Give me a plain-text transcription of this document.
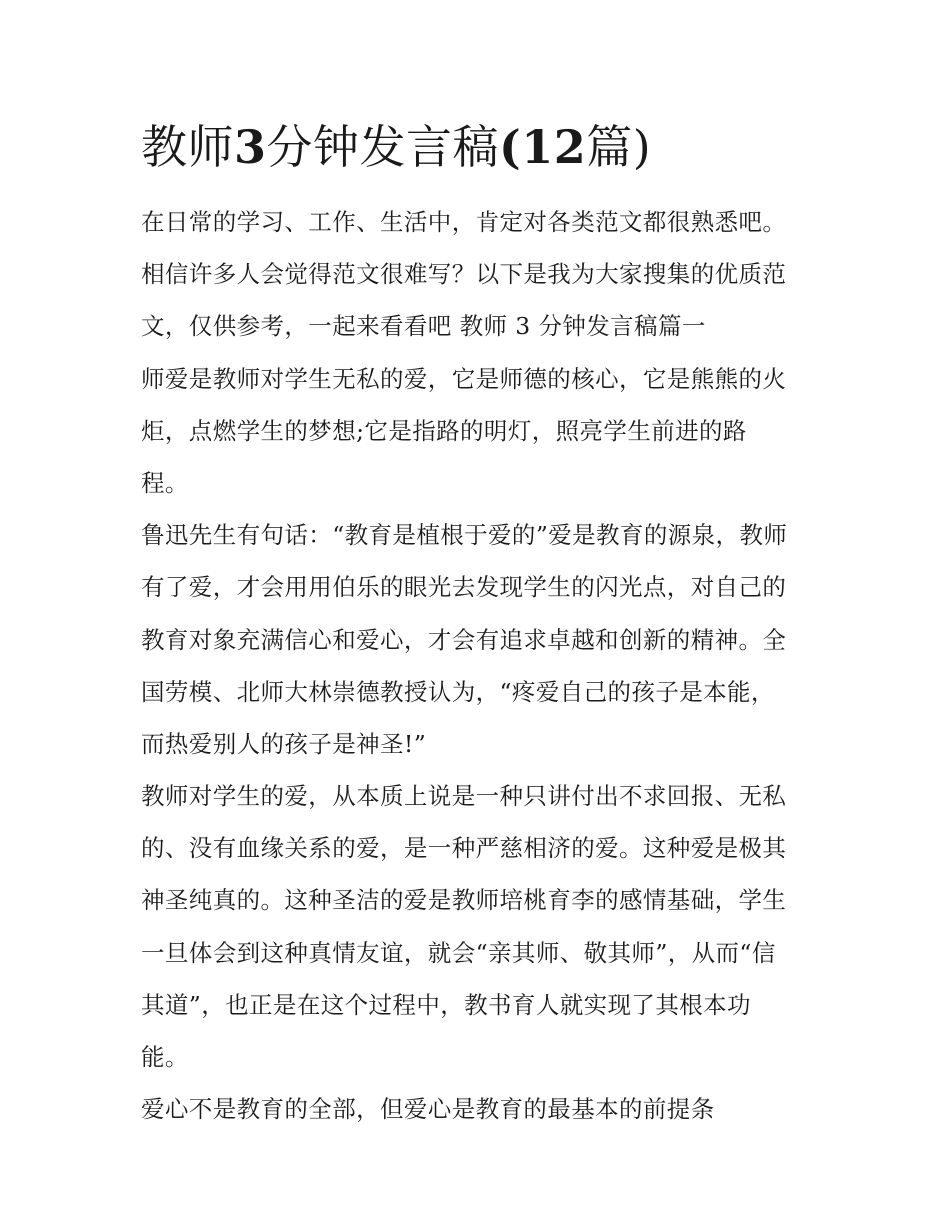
教师3分钟发言稿(12篇)

在日常的学习、工作、生活中，肯定对各类范文都很熟悉吧。

相信许多人会觉得范文很难写？以下是我为大家搜集的优质范

文，仅供参考，一起来看看吧 教师 3 分钟发言稿篇一

师爱是教师对学生无私的爱，它是师德的核心，它是熊熊的火

炬，点燃学生的梦想;它是指路的明灯，照亮学生前进的路

程。

鲁迅先生有句话：“教育是植根于爱的”爱是教育的源泉，教师

有了爱，才会用用伯乐的眼光去发现学生的闪光点，对自己的

教育对象充满信心和爱心，才会有追求卓越和创新的精神。全

国劳模、北师大林崇德教授认为，“疼爱自己的孩子是本能，

而热爱别人的孩子是神圣!”

教师对学生的爱，从本质上说是一种只讲付出不求回报、无私

的、没有血缘关系的爱，是一种严慈相济的爱。这种爱是极其

神圣纯真的。这种圣洁的爱是教师培桃育李的感情基础，学生

一旦体会到这种真情友谊，就会“亲其师、敬其师”，从而“信

其道”，也正是在这个过程中，教书育人就实现了其根本功

能。

爱心不是教育的全部，但爱心是教育的最基本的前提条
